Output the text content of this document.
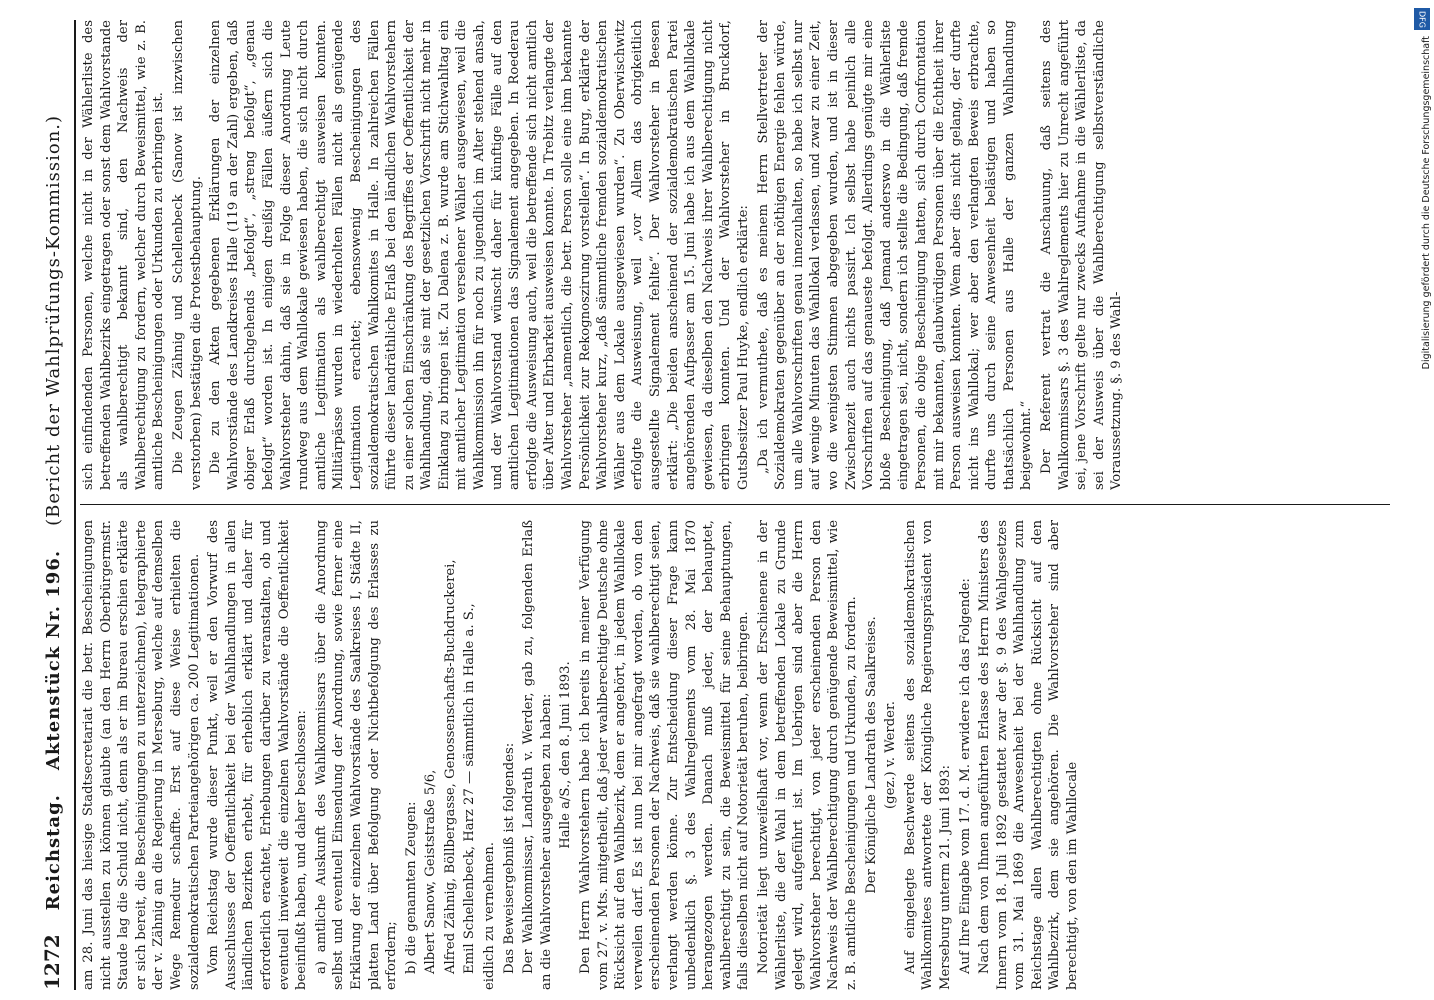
1272
Reichstag.
Aktenstück Nr. 196.
(Bericht der Wahlprüfungs-Kommission.)

am 28. Juni das hiesige Stadtsecretariat die betr. Bescheinigungen nicht ausstellen zu können glaubte (an den Herrn Oberbürgermstr. Staude lag die Schuld nicht, denn als er im Bureau erschien erklärte er sich bereit, die Bescheinigungen zu unterzeichnen), telegraphierte der v. Zähnig an die Regierung in Merseburg, welche auf demselben Wege Remedur schaffte. Erst auf diese Weise erhielten die sozialdemokratischen Parteiangehörigen ca. 200 Legitimationen. Vom Reichstag wurde dieser Punkt, weil er den Vorwurf des Ausschlusses der Oeffentlichkeit bei der Wahlhandlungen in allen ländlichen Bezirken erhebt, für erheblich erklärt und daher für erforderlich erachtet, Erhebungen darüber zu veranstalten, ob und eventuell inwieweit die einzelnen Wahlvorstände die Oeffentlichkeit beeinflußt haben, und daher beschlossen: a) amtliche Auskunft des Wahlkommissars über die Anordnung selbst und eventuell Einsendung der Anordnung, sowie ferner eine Erklärung der einzelnen Wahlvorstände des Saalkreises I, Städte II, platten Land über Befolgung oder Nichtbefolgung des Erlasses zu erfordern; b) die genannten Zeugen: Albert Sanow, Geiststraße 5/6, Alfred Zähnig, Böllbergasse, Genossenschafts-Buchdruckerei, Emil Schellenbeck, Harz 27 — sämmtlich in Halle a. S., eidlich zu vernehmen. Das Beweisergebniß ist folgendes: Der Wahlkommissar, Landrath v. Werder, gab zu, folgenden Erlaß an die Wahlvorsteher ausgegeben zu haben: Halle a/S., den 8. Juni 1893. Den Herrn Wahlvorstehern habe ich bereits in meiner Verfügung vom 27. v. Mts. mitgetheilt, daß jeder wahlberechtigte Deutsche ohne Rücksicht auf den Wahlbezirk, dem er angehört, in jedem Wahllokale verweilen darf. Es ist nun bei mir angefragt worden, ob von den erscheinenden Personen der Nachweis, daß sie wahlberechtigt seien, verlangt werden könne. Zur Entscheidung dieser Frage kann unbedenklich §. 3 des Wahlreglements vom 28. Mai 1870 herangezogen werden. Danach muß jeder, der behauptet, wahlberechtigt zu sein, die Beweismittel für seine Behauptungen, falls dieselben nicht auf Notorietät beruhen, beibringen. Notorietät liegt unzweifelhaft vor, wenn der Erschienene in der Wählerliste, die der Wahl in dem betreffenden Lokale zu Grunde gelegt wird, aufgeführt ist. Im Uebrigen sind aber die Herrn Wahlvorsteher berechtigt, von jeder erscheinenden Person den Nachweis der Wahlberechtigung durch genügende Beweismittel, wie z. B. amtliche Bescheinigungen und Urkunden, zu fordern. Der Königliche Landrath des Saalkreises. (gez.) v. Werder. Auf eingelegte Beschwerde seitens des sozialdemokratischen Wahlkomitees antwortete der Königliche Regierungspräsident von Merseburg unterm 21. Juni 1893: Auf Ihre Eingabe vom 17. d. M. erwidere ich das Folgende: Nach dem von Ihnen angeführten Erlasse des Herrn Ministers des Innern vom 18. Juli 1892 gestattet zwar der §. 9 des Wahlgesetzes vom 31. Mai 1869 die Anwesenheit bei der Wahlhandlung zum Reichstage allen Wahlberechtigten ohne Rücksicht auf den Wahlbezirk, dem sie angehören. Die Wahlvorsteher sind aber berechtigt, von den im Wahllocale

sich einfindenden Personen, welche nicht in der Wählerliste des betreffenden Wahlbezirks eingetragen oder sonst dem Wahlvorstande als wahlberechtigt bekannt sind, den Nachweis der Wahlberechtigung zu fordern, welcher durch Beweismittel, wie z. B. amtliche Bescheinigungen oder Urkunden zu erbringen ist. Die Zeugen Zähnig und Schellenbeck (Sanow ist inzwischen verstorben) bestätigen die Protestbehauptung. Die zu den Akten gegebenen Erklärungen der einzelnen Wahlvorstände des Landkreises Halle (119 an der Zahl) ergeben, daß obiger Erlaß durchgehends „befolgt“, „streng befolgt“, „genau befolgt“ worden ist. In einigen dreißig Fällen äußern sich die Wahlvorsteher dahin, daß sie in Folge dieser Anordnung Leute rundweg aus dem Wahllokale gewiesen haben, die sich nicht durch amtliche Legitimation als wahlberechtigt ausweisen konnten. Militärpässe wurden in wiederholten Fällen nicht als genügende Legitimation erachtet; ebensowenig Bescheinigungen des sozialdemokratischen Wahlkomites in Halle. In zahlreichen Fällen führte dieser landräthliche Erlaß bei den ländlichen Wahlvorstehern zu einer solchen Einschränkung des Begriffes der Oeffentlichkeit der Wahlhandlung, daß sie mit der gesetzlichen Vorschrift nicht mehr in Einklang zu bringen ist. Zu Dalena z. B. wurde am Stichwahltag ein mit amtlicher Legitimation versehener Wähler ausgewiesen, weil die Wahlkommission ihn für noch zu jugendlich im Alter stehend ansah, und der Wahlvorstand wünscht daher für künftige Fälle auf den amtlichen Legitimationen das Signalement angegeben. In Roederau erfolgte die Ausweisung auch, weil die betreffende sich nicht amtlich über Alter und Ehrbarkeit ausweisen konnte. In Trebitz verlangte der Wahlvorsteher „namentlich, die betr. Person solle eine ihm bekannte Persönlichkeit zur Rekognoszirung vorstellen“. In Burg, erklärte der Wahlvorsteher kurz, „daß sämmtliche fremden sozialdemokratischen Wähler aus dem Lokale ausgewiesen wurden“. Zu Oberwischwitz erfolgte die Ausweisung, weil „vor Allem das obrigkeitlich ausgestellte Signalement fehlte“. Der Wahlvorsteher in Beesen erklärt: „Die beiden anscheinend der sozialdemokratischen Partei angehörenden Aufpasser am 15. Juni habe ich aus dem Wahllokale gewiesen, da dieselben den Nachweis ihrer Wahlberechtigung nicht erbringen konnten. Und der Wahlvorsteher in Bruckdorf, Gutsbesitzer Paul Huyke, endlich erklärte: „Da ich vermuthete, daß es meinem Herrn Stellvertreter der Sozialdemokraten gegenüber an der nöthigen Energie fehlen würde, um alle Wahlvorschriften genau innezuhalten, so habe ich selbst nur auf wenige Minuten das Wahllokal verlassen, und zwar zu einer Zeit, wo die wenigsten Stimmen abgegeben wurden, und ist in dieser Zwischenzeit auch nichts passirt. Ich selbst habe peinlich alle Vorschriften auf das genaueste befolgt. Allerdings genügte mir eine bloße Bescheinigung, daß Jemand anderswo in die Wählerliste eingetragen sei, nicht, sondern ich stellte die Bedingung, daß fremde Personen, die obige Bescheinigung hatten, sich durch Confrontation mit mir bekannten, glaubwürdigen Personen über die Echtheit ihrer Person ausweisen konnten. Wem aber dies nicht gelang, der durfte nicht ins Wahllokal; wer aber den verlangten Beweis erbrachte, durfte uns durch seine Anwesenheit belästigen und haben so thatsächlich Personen aus Halle der ganzen Wahlhandlung beigewohnt.“ Der Referent vertrat die Anschauung, daß seitens des Wahlkommissars §. 3 des Wahlreglements hier zu Unrecht angeführt sei, jene Vorschrift gelte nur zwecks Aufnahme in die Wählerliste, da sei der Ausweis über die Wahlberechtigung selbstverständliche Voraussetzung. §. 9 des Wahl-

DFG
Digitalisierung gefördert durch die Deutsche Forschungsgemeinschaft
